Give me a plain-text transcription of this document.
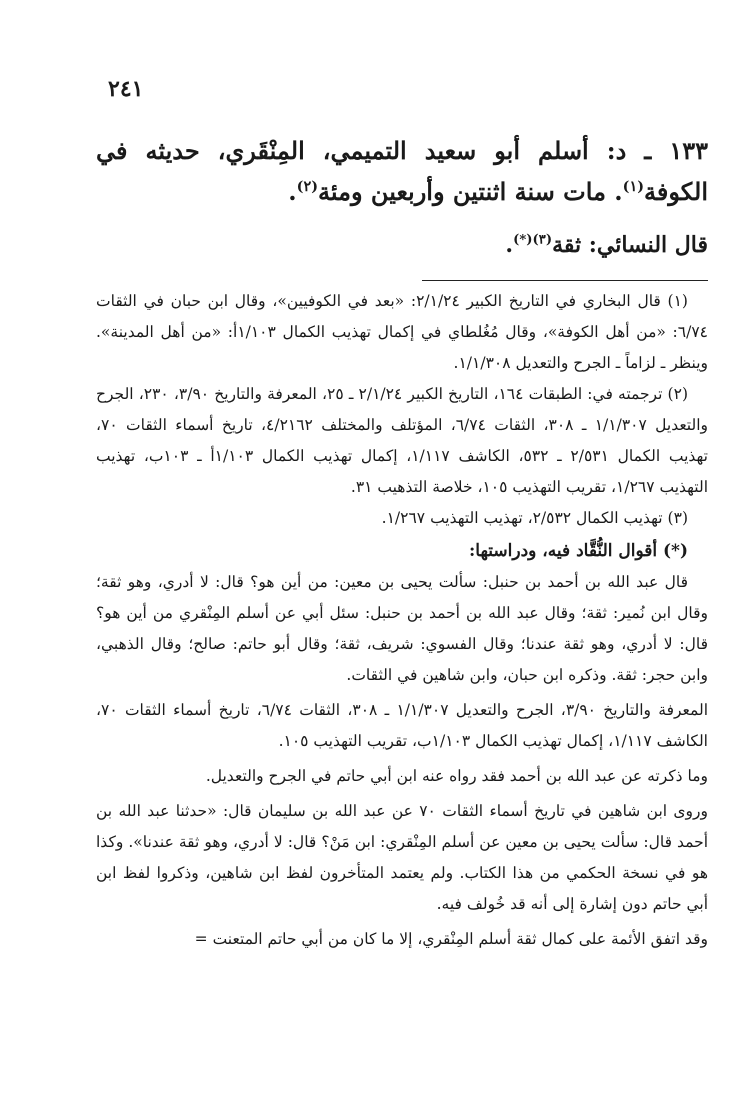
٢٤١

١٣٣ ـ د: أسلم أبو سعيد التميمي، المِنْقَري، حديثه في الكوفة$^{(١)}$. مات سنة اثنتين وأربعين ومئة$^{(٢)}$.

قال النسائي: ثقة$^{(٣)(*)}$.

(١) قال البخاري في التاريخ الكبير ٢/١/٢٤: «بعد في الكوفيين»، وقال ابن حبان في الثقات ٦/٧٤: «من أهل الكوفة»، وقال مُغُلطاي في إكمال تهذيب الكمال ١/١٠٣أ: «من أهل المدينة». وينظر ـ لزاماً ـ الجرح والتعديل ١/١/٣٠٨.

(٢) ترجمته في: الطبقات ١٦٤، التاريخ الكبير ٢/١/٢٤ ـ ٢٥، المعرفة والتاريخ ٣/٩٠، ٢٣٠، الجرح والتعديل ١/١/٣٠٧ ـ ٣٠٨، الثقات ٦/٧٤، المؤتلف والمختلف ٤/٢١٦٢، تاريخ أسماء الثقات ٧٠، تهذيب الكمال ٢/٥٣١ ـ ٥٣٢، الكاشف ١/١١٧، إكمال تهذيب الكمال ١/١٠٣أ ـ ١٠٣ب، تهذيب التهذيب ١/٢٦٧، تقريب التهذيب ١٠٥، خلاصة التذهيب ٣١.

(٣) تهذيب الكمال ٢/٥٣٢، تهذيب التهذيب ١/٢٦٧.

(*) أقوال النُّقَّاد فيه، ودراستها:

قال عبد الله بن أحمد بن حنبل: سألت يحيى بن معين: من أين هو؟ قال: لا أدري، وهو ثقة؛ وقال ابن نُمير: ثقة؛ وقال عبد الله بن أحمد بن حنبل: سئل أبي عن أسلم المِنْقري من أين هو؟ قال: لا أدري، وهو ثقة عندنا؛ وقال الفسوي: شريف، ثقة؛ وقال أبو حاتم: صالح؛ وقال الذهبي، وابن حجر: ثقة. وذكره ابن حبان، وابن شاهين في الثقات.

المعرفة والتاريخ ٣/٩٠، الجرح والتعديل ١/١/٣٠٧ ـ ٣٠٨، الثقات ٦/٧٤، تاريخ أسماء الثقات ٧٠، الكاشف ١/١١٧، إكمال تهذيب الكمال ١/١٠٣ب، تقريب التهذيب ١٠٥.

وما ذكرته عن عبد الله بن أحمد فقد رواه عنه ابن أبي حاتم في الجرح والتعديل.

وروى ابن شاهين في تاريخ أسماء الثقات ٧٠ عن عبد الله بن سليمان قال: «حدثنا عبد الله بن أحمد قال: سألت يحيى بن معين عن أسلم المِنْقري: ابن مَنْ؟ قال: لا أدري، وهو ثقة عندنا». وكذا هو في نسخة الحكمي من هذا الكتاب. ولم يعتمد المتأخرون لفظ ابن شاهين، وذكروا لفظ ابن أبي حاتم دون إشارة إلى أنه قد خُولف فيه.

وقد اتفق الأئمة على كمال ثقة أسلم المِنْقري، إلا ما كان من أبي حاتم المتعنت =
